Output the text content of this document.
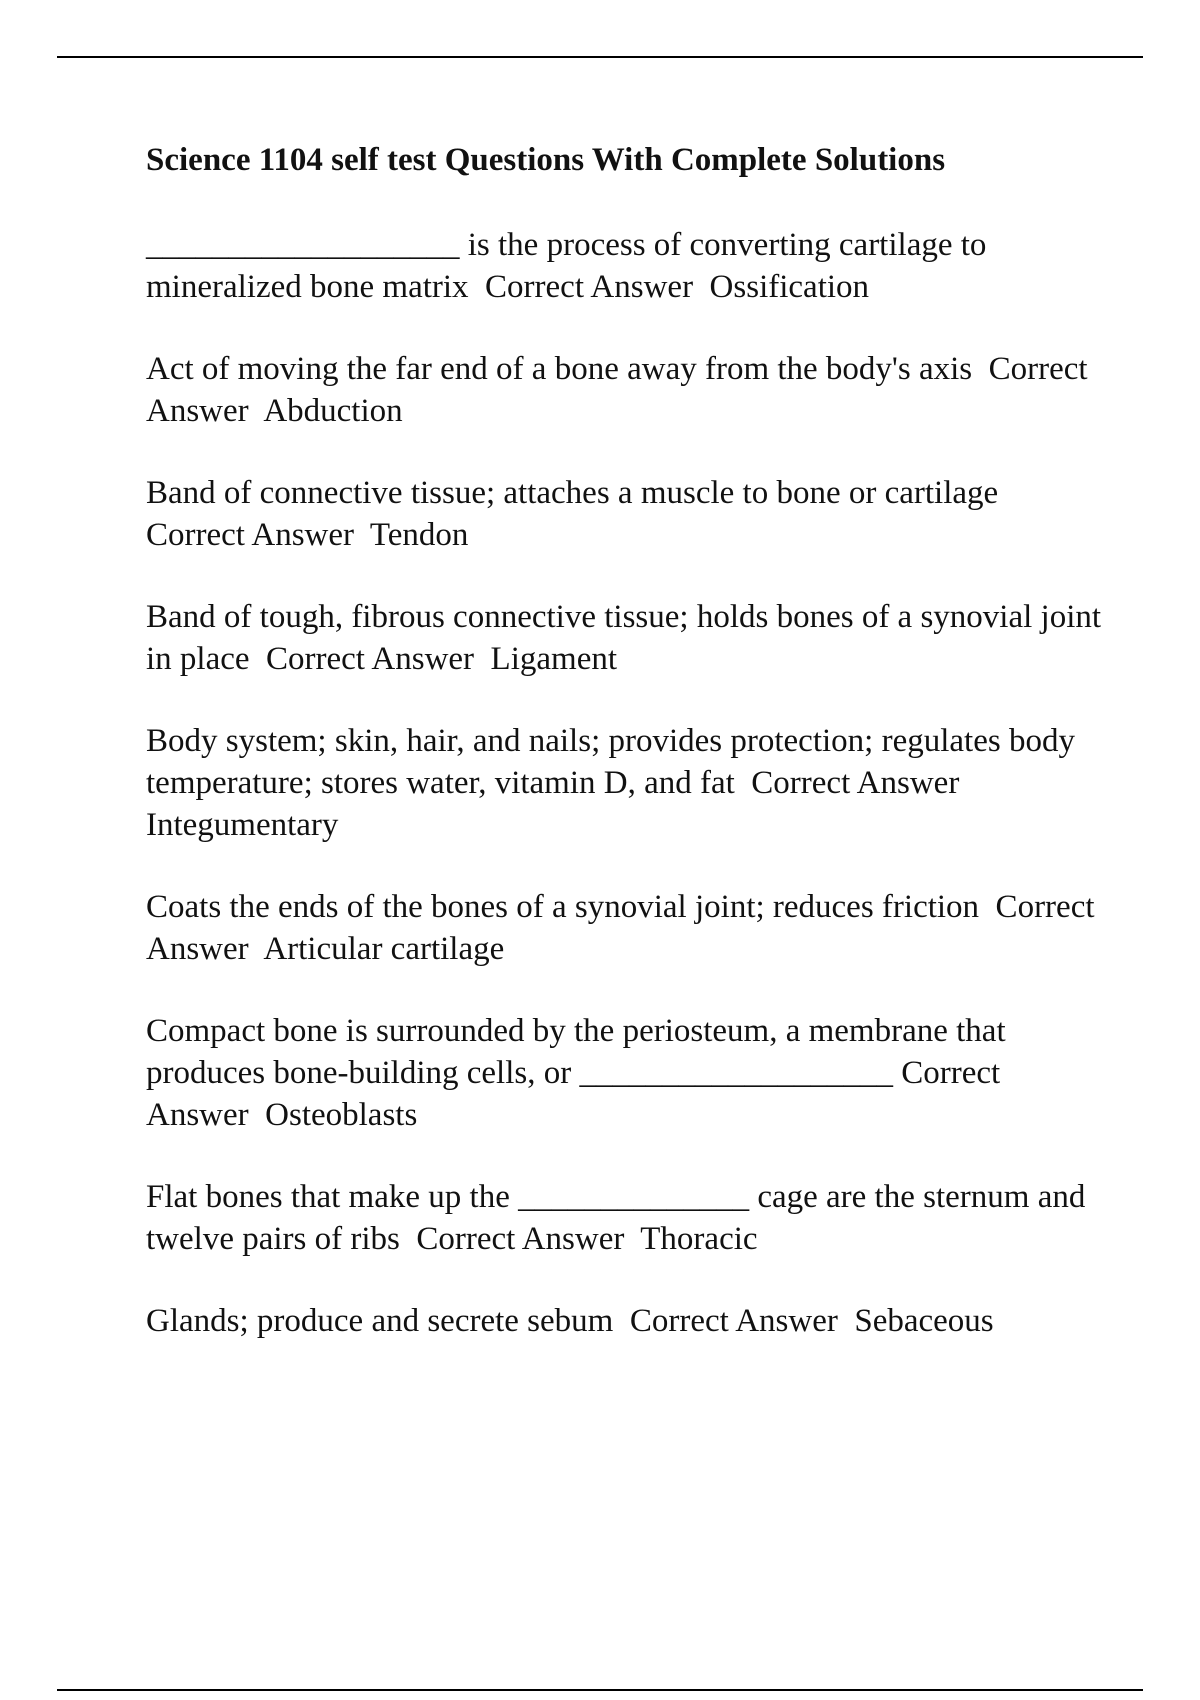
Science 1104 self test Questions With Complete Solutions
___________________ is the process of converting cartilage to mineralized bone matrix  Correct Answer  Ossification
Act of moving the far end of a bone away from the body's axis  Correct Answer  Abduction
Band of connective tissue; attaches a muscle to bone or cartilage  Correct Answer  Tendon
Band of tough, fibrous connective tissue; holds bones of a synovial joint in place  Correct Answer  Ligament
Body system; skin, hair, and nails; provides protection; regulates body temperature; stores water, vitamin D, and fat  Correct Answer  Integumentary
Coats the ends of the bones of a synovial joint; reduces friction  Correct Answer  Articular cartilage
Compact bone is surrounded by the periosteum, a membrane that produces bone-building cells, or ___________________ Correct Answer  Osteoblasts
Flat bones that make up the ______________ cage are the sternum and twelve pairs of ribs  Correct Answer  Thoracic
Glands; produce and secrete sebum  Correct Answer  Sebaceous
